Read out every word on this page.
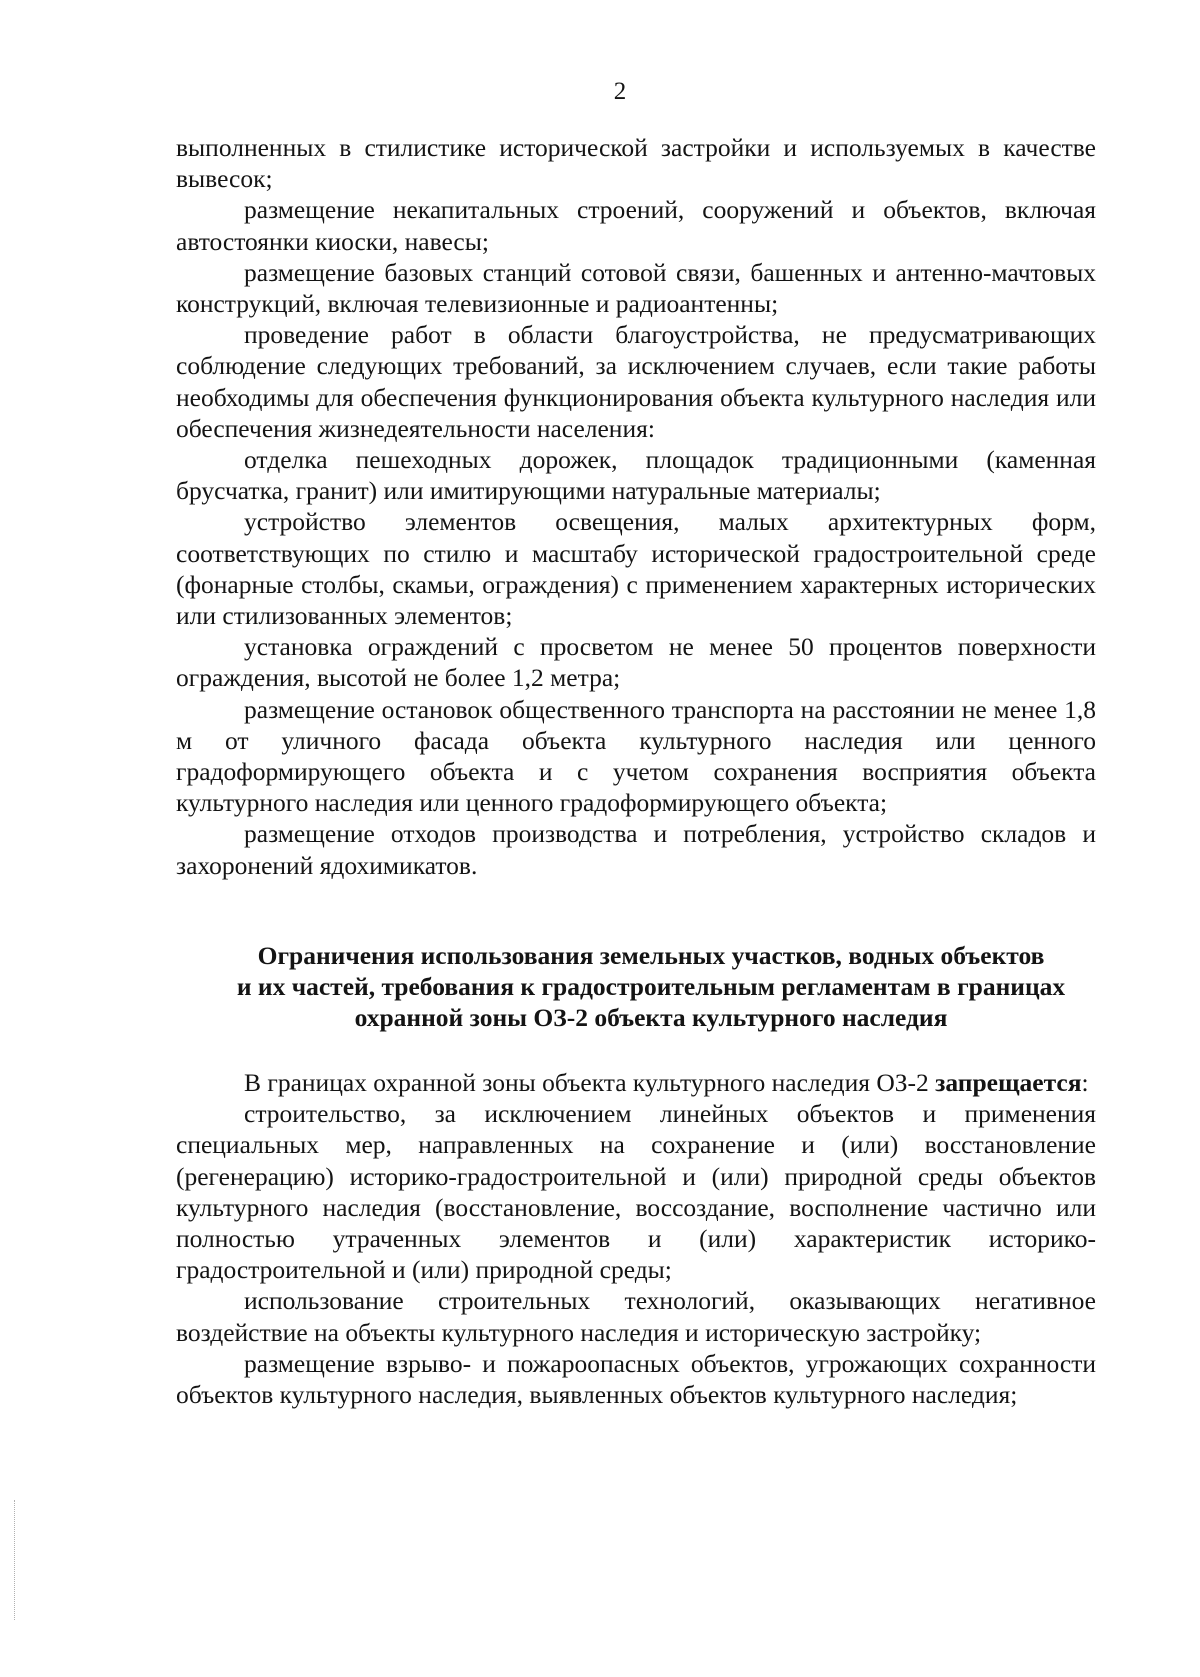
2

выполненных в стилистике исторической застройки и используемых в качестве вывесок;

размещение некапитальных строений, сооружений и объектов, включая автостоянки киоски, навесы;

размещение базовых станций сотовой связи, башенных и антенно-мачтовых конструкций, включая телевизионные и радиоантенны;

проведение работ в области благоустройства, не предусматривающих соблюдение следующих требований, за исключением случаев, если такие работы необходимы для обеспечения функционирования объекта культурного наследия или обеспечения жизнедеятельности населения:

отделка пешеходных дорожек, площадок традиционными (каменная брусчатка, гранит) или имитирующими натуральные материалы;

устройство элементов освещения, малых архитектурных форм, соответствующих по стилю и масштабу исторической градостроительной среде (фонарные столбы, скамьи, ограждения) с применением характерных исторических или стилизованных элементов;

установка ограждений с просветом не менее 50 процентов поверхности ограждения, высотой не более 1,2 метра;

размещение остановок общественного транспорта на расстоянии не менее 1,8 м от уличного фасада объекта культурного наследия или ценного градоформирующего объекта и с учетом сохранения восприятия объекта культурного наследия или ценного градоформирующего объекта;

размещение отходов производства и потребления, устройство складов и захоронений ядохимикатов.

Ограничения использования земельных участков, водных объектов
и их частей, требования к градостроительным регламентам в границах
охранной зоны ОЗ-2 объекта культурного наследия

В границах охранной зоны объекта культурного наследия ОЗ-2 запрещается:

строительство, за исключением линейных объектов и применения специальных мер, направленных на сохранение и (или) восстановление (регенерацию) историко-градостроительной и (или) природной среды объектов культурного наследия (восстановление, воссоздание, восполнение частично или полностью утраченных элементов и (или) характеристик историко-градостроительной и (или) природной среды;

использование строительных технологий, оказывающих негативное воздействие на объекты культурного наследия и историческую застройку;

размещение взрыво- и пожароопасных объектов, угрожающих сохранности объектов культурного наследия, выявленных объектов культурного наследия;
